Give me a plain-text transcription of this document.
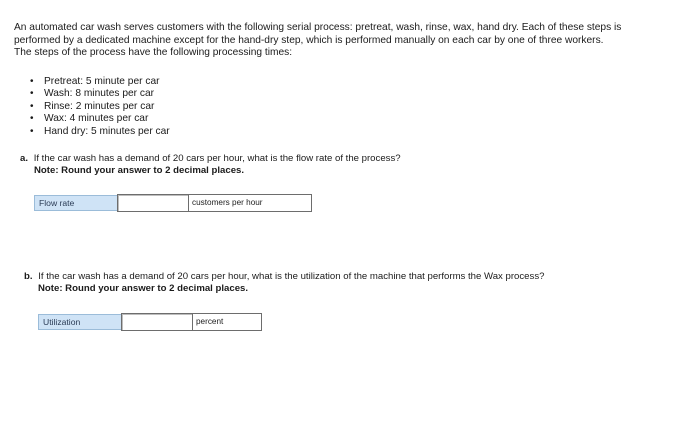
An automated car wash serves customers with the following serial process: pretreat, wash, rinse, wax, hand dry. Each of these steps is

performed by a dedicated machine except for the hand-dry step, which is performed manually on each car by one of three workers.

The steps of the process have the following processing times:

• Pretreat: 5 minute per car
• Wash: 8 minutes per car
• Rinse: 2 minutes per car
• Wax: 4 minutes per car
• Hand dry: 5 minutes per car
a. If the car wash has a demand of 20 cars per hour, what is the flow rate of the process?
Note: Round your answer to 2 decimal places.
Flow rate	customers per hour
b. If the car wash has a demand of 20 cars per hour, what is the utilization of the machine that performs the Wax process?
Note: Round your answer to 2 decimal places.
Utilization	percent
